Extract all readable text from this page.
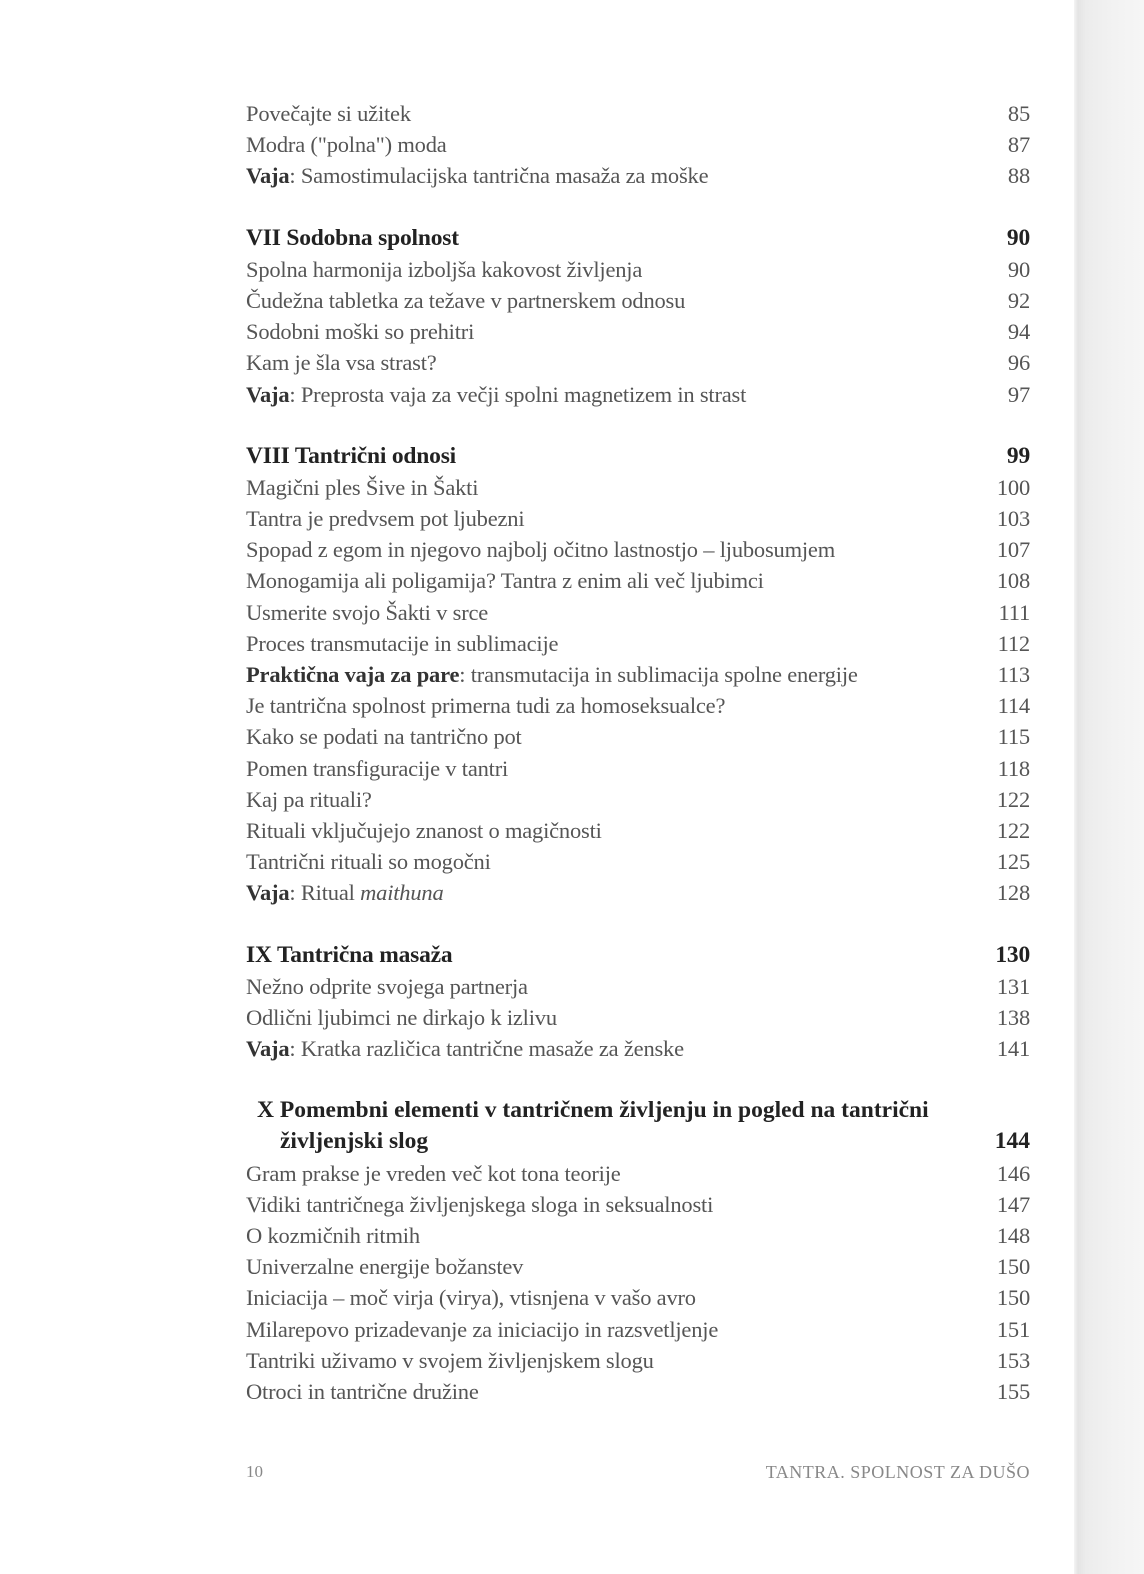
Povečajte si užitek	85
Modra ("polna") moda	87
Vaja: Samostimulacijska tantrična masaža za moške	88
VII Sodobna spolnost	90
Spolna harmonija izboljša kakovost življenja	90
Čudežna tabletka za težave v partnerskem odnosu	92
Sodobni moški so prehitri	94
Kam je šla vsa strast?	96
Vaja: Preprosta vaja za večji spolni magnetizem in strast	97
VIII Tantrični odnosi	99
Magični ples Šive in Šakti	100
Tantra je predvsem pot ljubezni	103
Spopad z egom in njegovo najbolj očitno lastnostjo – ljubosumjem	107
Monogamija ali poligamija? Tantra z enim ali več ljubimci	108
Usmerite svojo Šakti v srce	111
Proces transmutacije in sublimacije	112
Praktična vaja za pare: transmutacija in sublimacija spolne energije	113
Je tantrična spolnost primerna tudi za homoseksualce?	114
Kako se podati na tantrično pot	115
Pomen transfiguracije v tantri	118
Kaj pa rituali?	122
Rituali vključujejo znanost o magičnosti	122
Tantrični rituali so mogočni	125
Vaja: Ritual maithuna	128
IX Tantrična masaža	130
Nežno odprite svojega partnerja	131
Odlični ljubimci ne dirkajo k izlivu	138
Vaja: Kratka različica tantrične masaže za ženske	141
X Pomembni elementi v tantričnem življenju in pogled na tantrični
življenjski slog	144
Gram prakse je vreden več kot tona teorije	146
Vidiki tantričnega življenjskega sloga in seksualnosti	147
O kozmičnih ritmih	148
Univerzalne energije božanstev	150
Iniciacija – moč virja (virya), vtisnjena v vašo avro	150
Milarepovo prizadevanje za iniciacijo in razsvetljenje	151
Tantriki uživamo v svojem življenjskem slogu	153
Otroci in tantrične družine	155
10	TANTRA. SPOLNOST ZA DUŠO
